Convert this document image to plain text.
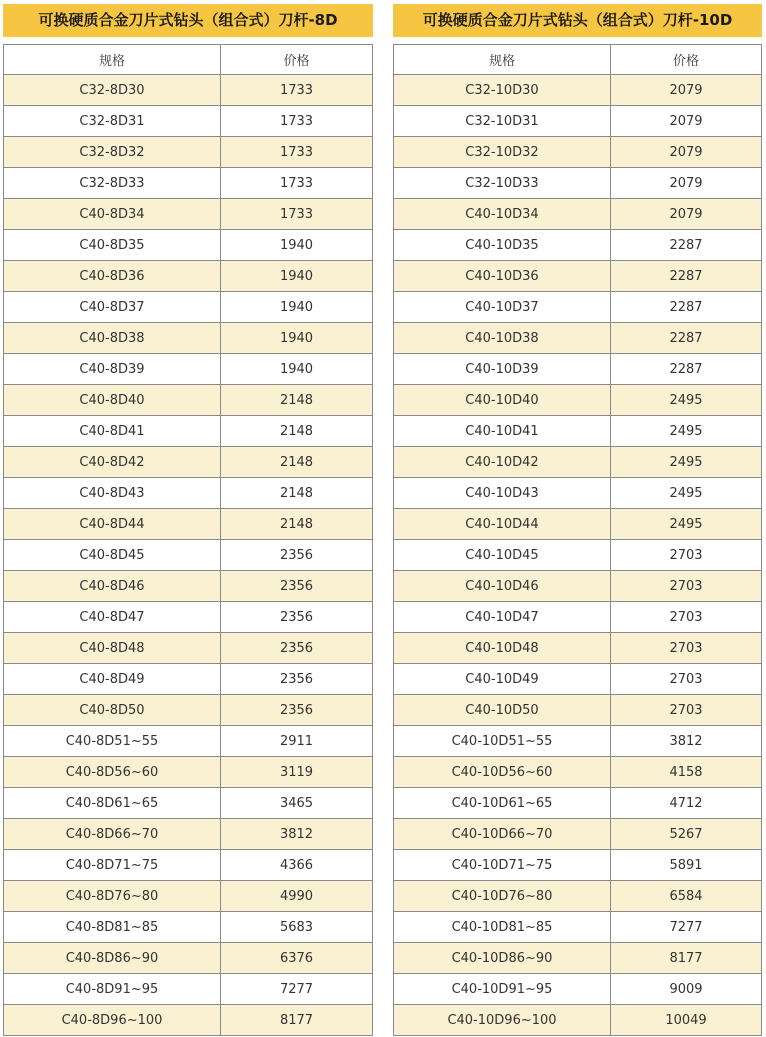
可换硬质合金刀片式钻头（组合式）刀杆-8D
规格	价格
C32-8D30	1733
C32-8D31	1733
C32-8D32	1733
C32-8D33	1733
C40-8D34	1733
C40-8D35	1940
C40-8D36	1940
C40-8D37	1940
C40-8D38	1940
C40-8D39	1940
C40-8D40	2148
C40-8D41	2148
C40-8D42	2148
C40-8D43	2148
C40-8D44	2148
C40-8D45	2356
C40-8D46	2356
C40-8D47	2356
C40-8D48	2356
C40-8D49	2356
C40-8D50	2356
C40-8D51~55	2911
C40-8D56~60	3119
C40-8D61~65	3465
C40-8D66~70	3812
C40-8D71~75	4366
C40-8D76~80	4990
C40-8D81~85	5683
C40-8D86~90	6376
C40-8D91~95	7277
C40-8D96~100	8177
可换硬质合金刀片式钻头（组合式）刀杆-10D
规格	价格
C32-10D30	2079
C32-10D31	2079
C32-10D32	2079
C32-10D33	2079
C40-10D34	2079
C40-10D35	2287
C40-10D36	2287
C40-10D37	2287
C40-10D38	2287
C40-10D39	2287
C40-10D40	2495
C40-10D41	2495
C40-10D42	2495
C40-10D43	2495
C40-10D44	2495
C40-10D45	2703
C40-10D46	2703
C40-10D47	2703
C40-10D48	2703
C40-10D49	2703
C40-10D50	2703
C40-10D51~55	3812
C40-10D56~60	4158
C40-10D61~65	4712
C40-10D66~70	5267
C40-10D71~75	5891
C40-10D76~80	6584
C40-10D81~85	7277
C40-10D86~90	8177
C40-10D91~95	9009
C40-10D96~100	10049
